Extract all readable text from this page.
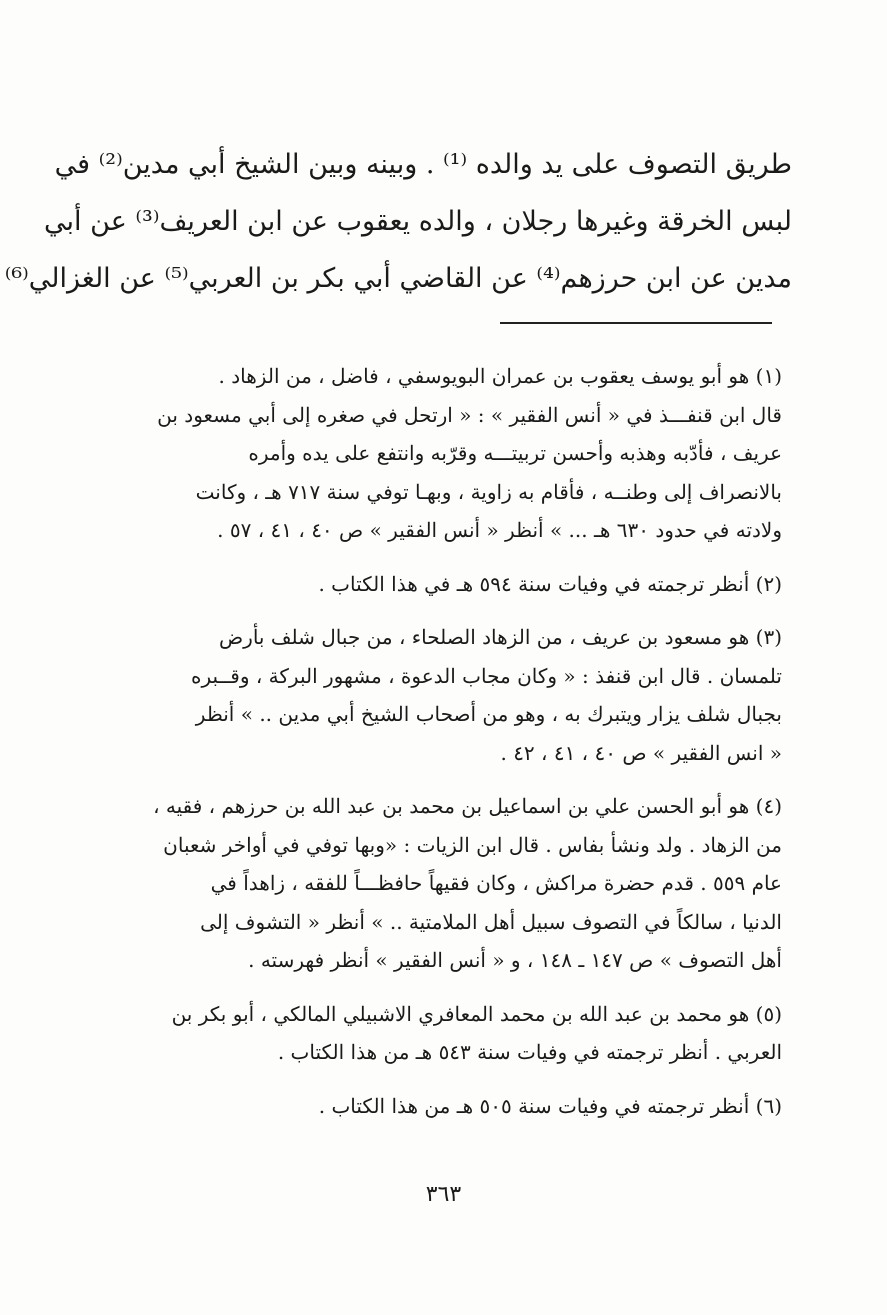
طريق التصوف على يد والده ⁽¹⁾ . وبينه وبين الشيخ أبي مدين⁽²⁾ في
لبس الخرقة وغيرها رجلان ، والده يعقوب عن ابن العريف⁽³⁾ عن أبي
مدين عن ابن حرزهم⁽⁴⁾ عن القاضي أبي بكر بن العربي⁽⁵⁾ عن الغزالي⁽⁶⁾
(١) هو أبو يوسف يعقوب بن عمران البويوسفي ، فاضل ، من الزهاد .
قال ابن قنفـــذ في « أنس الفقير » : « ارتحل في صغره إلى أبي مسعود بن
عريف ، فأدّبه وهذبه وأحسن تربيتـــه وقرّبه وانتفع على يده وأمره
بالانصراف إلى وطنــه ، فأقام به زاوية ، وبهـا توفي سنة ٧١٧ هـ ، وكانت
ولادته في حدود ٦٣٠ هـ ... » أنظر « أنس الفقير » ص ٤٠ ، ٤١ ، ٥٧ .
(٢) أنظر ترجمته في وفيات سنة ٥٩٤ هـ في هذا الكتاب .
(٣) هو مسعود بن عريف ، من الزهاد الصلحاء ، من جبال شلف بأرض
تلمسان . قال ابن قنفذ : « وكان مجاب الدعوة ، مشهور البركة ، وقــبره
بجبال شلف يزار ويتبرك به ، وهو من أصحاب الشيخ أبي مدين .. » أنظر
« انس الفقير » ص ٤٠ ، ٤١ ، ٤٢ .
(٤) هو أبو الحسن علي بن اسماعيل بن محمد بن عبد الله بن حرزهم ، فقيه ،
من الزهاد . ولد ونشأ بفاس . قال ابن الزيات : «وبها توفي في أواخر شعبان
عام ٥٥٩ . قدم حضرة مراكش ، وكان فقيهاً حافظـــاً للفقه ، زاهداً في
الدنيا ، سالكاً في التصوف سبيل أهل الملامتية .. » أنظر « التشوف إلى
أهل التصوف » ص ١٤٧ ـ ١٤٨ ، و « أنس الفقير » أنظر فهرسته .
(٥) هو محمد بن عبد الله بن محمد المعافري الاشبيلي المالكي ، أبو بكر بن
العربي . أنظر ترجمته في وفيات سنة ٥٤٣ هـ من هذا الكتاب .
(٦) أنظر ترجمته في وفيات سنة ٥٠٥ هـ من هذا الكتاب .
٣٦٣
